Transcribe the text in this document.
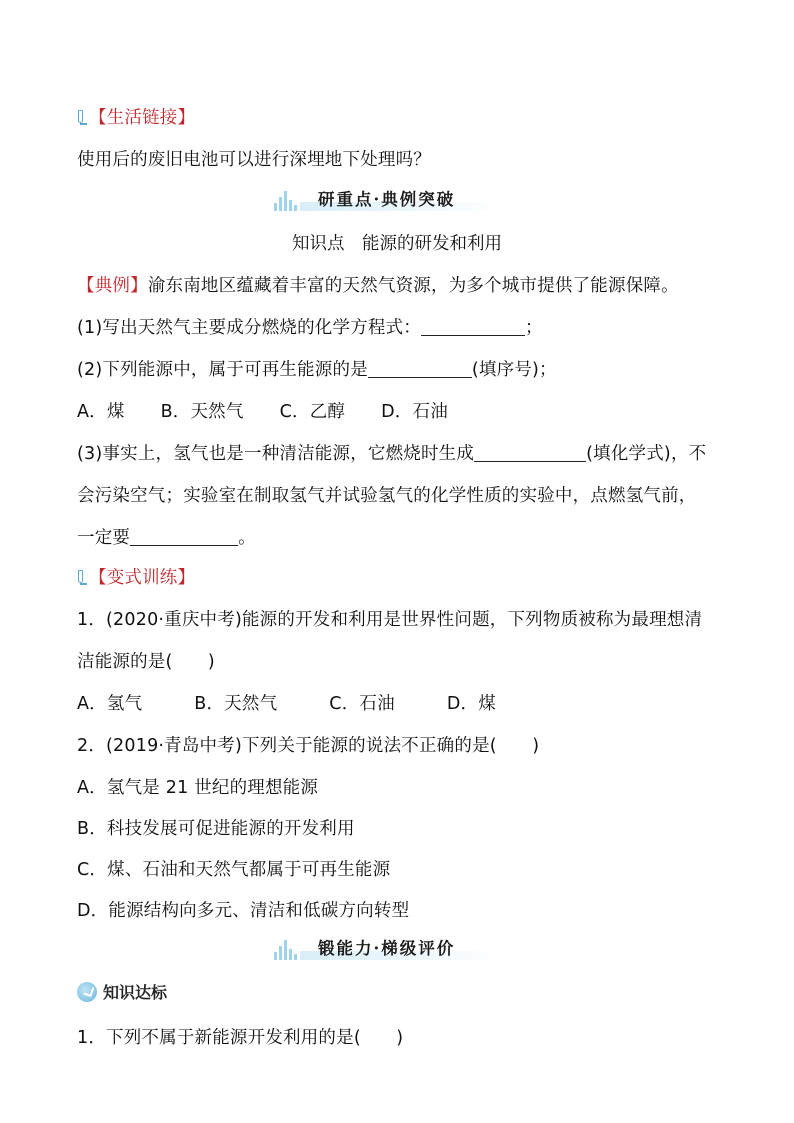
【生活链接】
使用后的废旧电池可以进行深埋地下处理吗？
研重点·典例突破
知识点　能源的研发和利用
【典例】渝东南地区蕴藏着丰富的天然气资源，为多个城市提供了能源保障。
(1)写出天然气主要成分燃烧的化学方程式：	；
(2)下列能源中，属于可再生能源的是	(填序号)；
A．煤 B．天然气 C．乙醇 D．石油
(3)事实上，氢气也是一种清洁能源，它燃烧时生成	(填化学式)，不
会污染空气；实验室在制取氢气并试验氢气的化学性质的实验中，点燃氢气前，
一定要	。
【变式训练】
1．(2020·重庆中考)能源的开发和利用是世界性问题，下列物质被称为最理想清
洁能源的是(　　)
A．氢气	B．天然气	C．石油	D．煤
2．(2019·青岛中考)下列关于能源的说法不正确的是(　　)
A．氢气是 21 世纪的理想能源
B．科技发展可促进能源的开发利用
C．煤、石油和天然气都属于可再生能源
D．能源结构向多元、清洁和低碳方向转型
锻能力·梯级评价
知识达标
1．下列不属于新能源开发利用的是(　　)
